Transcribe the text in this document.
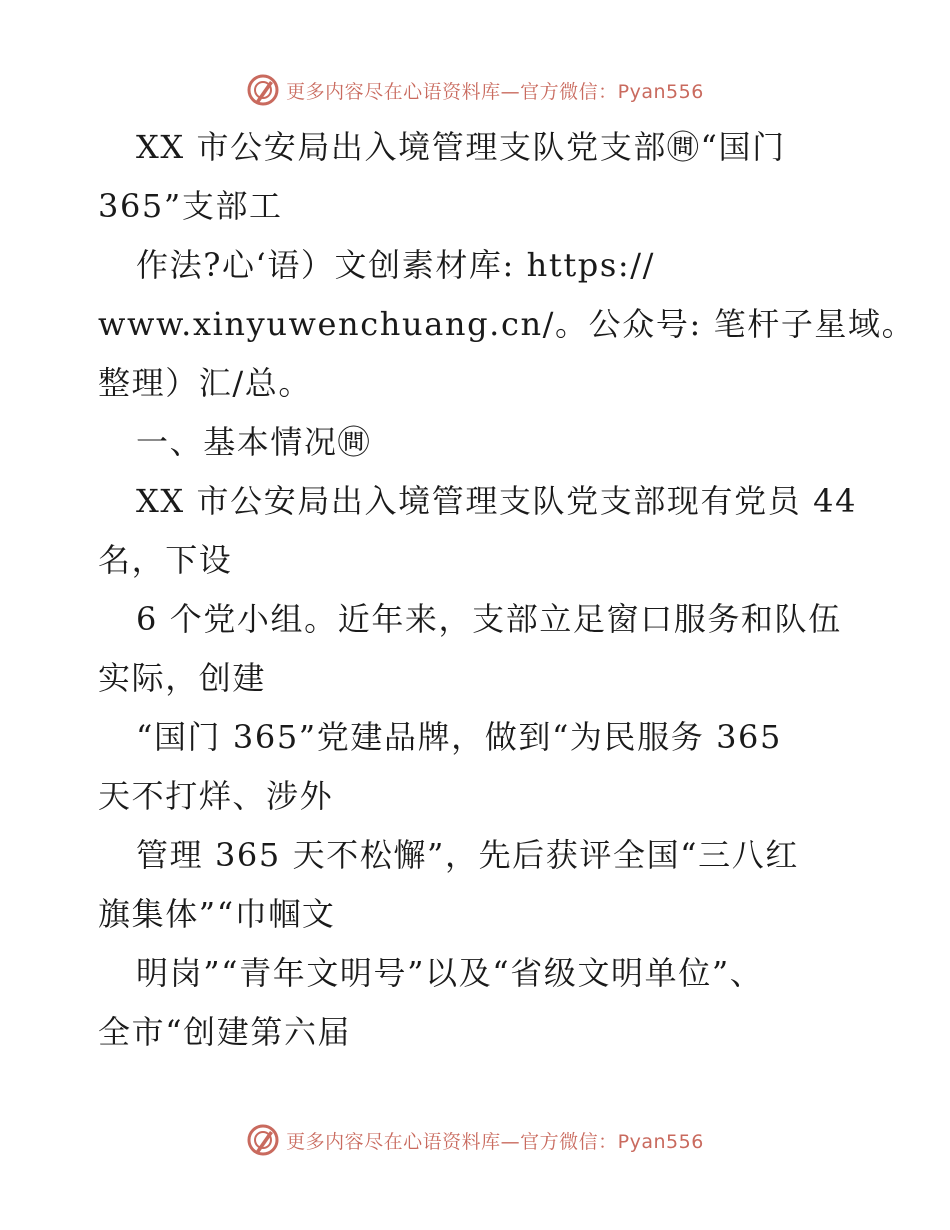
更多内容尽在心语资料库—官方微信：Pyan556
XX 市公安局出入境管理支队党支部㉄“国门
365”支部工
作法?心‘语）文创素材库: https://
www.xinyuwenchuang.cn/。公众号: 笔杆子星域。
整理）汇/总。
一、基本情况㉄
XX 市公安局出入境管理支队党支部现有党员 44
名，下设
6 个党小组。近年来，支部立足窗口服务和队伍
实际，创建
“国门 365”党建品牌，做到“为民服务 365
天不打烊、涉外
管理 365 天不松懈”，先后获评全国“三八红
旗集体”“巾帼文
明岗”“青年文明号”以及“省级文明单位”、
全市“创建第六届
更多内容尽在心语资料库—官方微信：Pyan556
